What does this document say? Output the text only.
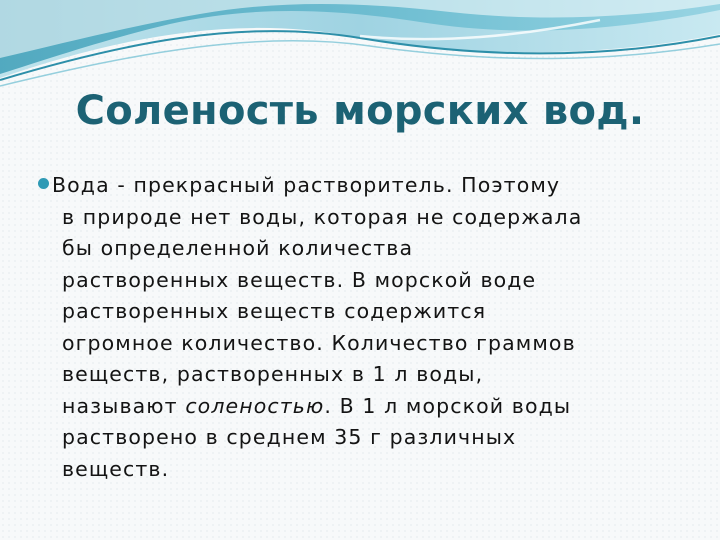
Соленость морских вод.

Вода - прекрасный растворитель. Поэтому
в природе нет воды, которая не содержала
бы определенной количества
растворенных веществ. В морской воде
растворенных веществ содержится
огромное количество. Количество граммов
веществ, растворенных в 1 л воды,
называют соленостью. В 1 л морской воды
растворено в среднем 35 г различных
веществ.
